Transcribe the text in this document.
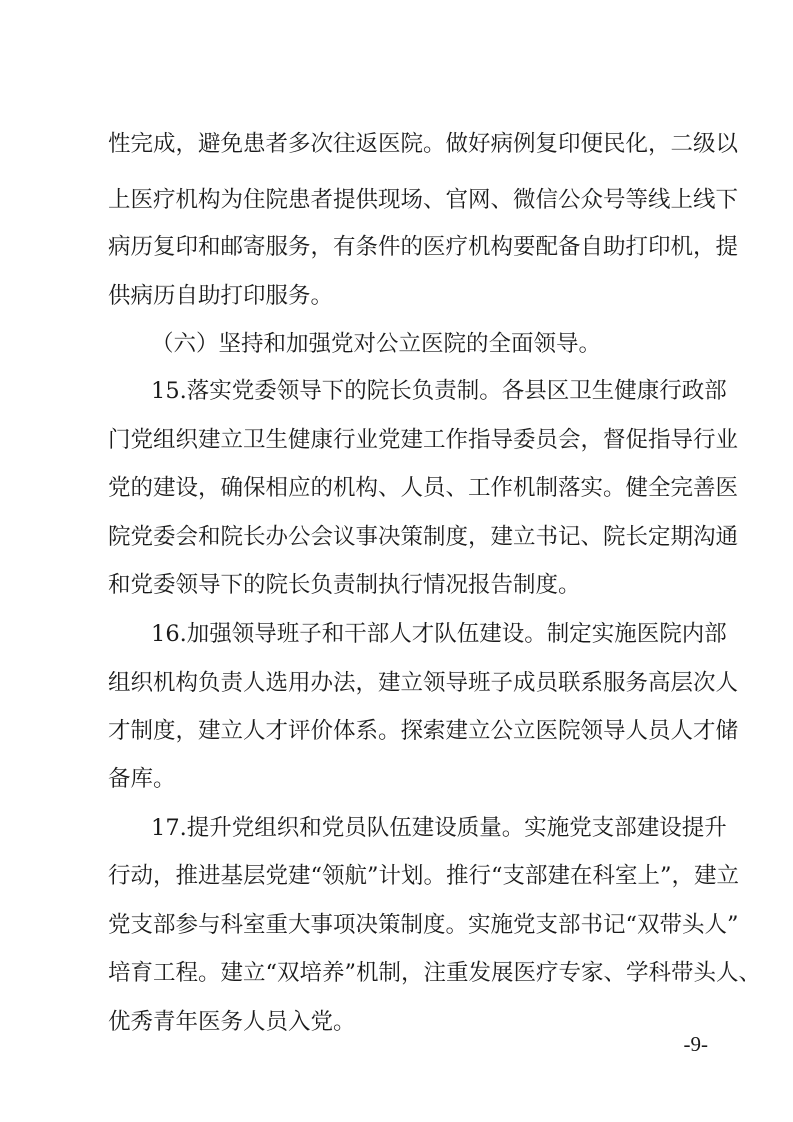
性完成，避免患者多次往返医院。做好病例复印便民化，二级以
上医疗机构为住院患者提供现场、官网、微信公众号等线上线下
病历复印和邮寄服务，有条件的医疗机构要配备自助打印机，提
供病历自助打印服务。
（六）坚持和加强党对公立医院的全面领导。
15.落实党委领导下的院长负责制。各县区卫生健康行政部
门党组织建立卫生健康行业党建工作指导委员会，督促指导行业
党的建设，确保相应的机构、人员、工作机制落实。健全完善医
院党委会和院长办公会议事决策制度，建立书记、院长定期沟通
和党委领导下的院长负责制执行情况报告制度。
16.加强领导班子和干部人才队伍建设。制定实施医院内部
组织机构负责人选用办法，建立领导班子成员联系服务高层次人
才制度，建立人才评价体系。探索建立公立医院领导人员人才储
备库。
17.提升党组织和党员队伍建设质量。实施党支部建设提升
行动，推进基层党建“领航”计划。推行“支部建在科室上”，建立
党支部参与科室重大事项决策制度。实施党支部书记“双带头人”
培育工程。建立“双培养”机制，注重发展医疗专家、学科带头人、
优秀青年医务人员入党。
-9-
